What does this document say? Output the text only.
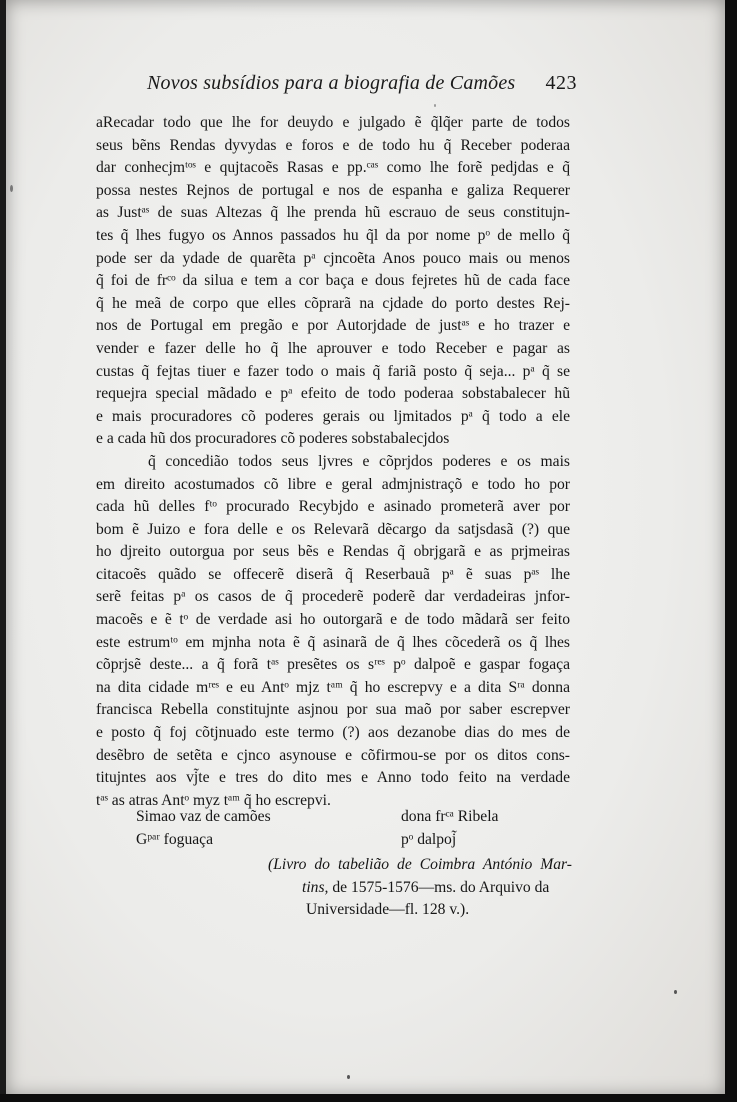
Novos subsídios para a biografia de Camões 423
aRecadar todo que lhe for deuydo e julgado ẽ q̃lq̃er parte de todos
seus bẽns Rendas dyvydas e foros e de todo hu q̃ Receber poderaa
dar conhecjmᵗᵒˢ e qujtacoẽs Rasas e pp.ᶜᵃˢ como lhe forẽ pedjdas e q̃
possa nestes Rejnos de portugal e nos de espanha e galiza Requerer
as Justᵃˢ de suas Altezas q̃ lhe prenda hũ escrauo de seus constitujn-
tes q̃ lhes fugyo os Annos passados hu q̃l da por nome pᵒ de mello q̃
pode ser da ydade de quarẽta pᵃ cjncoẽta Anos pouco mais ou menos
q̃ foi de frᶜᵒ da silua e tem a cor baça e dous fejretes hũ de cada face
q̃ he meã de corpo que elles cõprarã na cjdade do porto destes Rej-
nos de Portugal em pregão e por Autorjdade de justᵃˢ e ho trazer e
vender e fazer delle ho q̃ lhe aprouver e todo Receber e pagar as
custas q̃ fejtas tiuer e fazer todo o mais q̃ fariã posto q̃ seja... pᵃ q̃ se
requejra special mãdado e pᵃ efeito de todo poderaa sobstabalecer hũ
e mais procuradores cõ poderes gerais ou ljmitados pᵃ q̃ todo a ele
e a cada hũ dos procuradores cõ poderes sobstabalecjdos
q̃ concedião todos seus ljvres e cõprjdos poderes e os mais
em direito acostumados cõ libre e geral admjnistraçõ e todo ho por
cada hũ delles fᵗᵒ procurado Recybjdo e asinado prometerã aver por
bom ẽ Juizo e fora delle e os Relevarã dẽcargo da satjsdasã (?) que
ho djreito outorgua por seus bẽs e Rendas q̃ obrjgarã e as prjmeiras
citacoẽs quãdo se offecerẽ diserã q̃ Reserbauã pᵃ ẽ suas pᵃˢ lhe
serẽ feitas pᵃ os casos de q̃ procederẽ poderẽ dar verdadeiras jnfor-
macoẽs e ẽ tᵒ de verdade asi ho outorgarã e de todo mãdarã ser feito
este estrumᵗᵒ em mjnha nota ẽ q̃ asinarã de q̃ lhes cõcederã os q̃ lhes
cõprjsẽ deste... a q̃ forã tᵃˢ presẽtes os sʳᵉˢ pᵒ dalpoẽ e gaspar fogaça
na dita cidade mʳᵉˢ e eu Antᵒ mjz tᵃᵐ q̃ ho escrepvy e a dita Sʳᵃ donna
francisca Rebella constitujnte asjnou por sua maõ por saber escrepver
e posto q̃ foj cõtjnuado este termo (?) aos dezanobe dias do mes de
desẽbro de setẽta e cjnco asynouse e cõfirmou-se por os ditos cons-
titujntes aos vj̃te e tres do dito mes e Anno todo feito na verdade
tᵃˢ as atras Antᵒ myz tᵃᵐ q̃ ho escrepvi.
Simao vaz de camões	dona frᶜᵃ Ribela
Gᵖᵃʳ foguaça	pᵒ dalpoj̃
(Livro do tabelião de Coimbra António Mar-
tins, de 1575-1576—ms. do Arquivo da
Universidade—fl. 128 v.).
